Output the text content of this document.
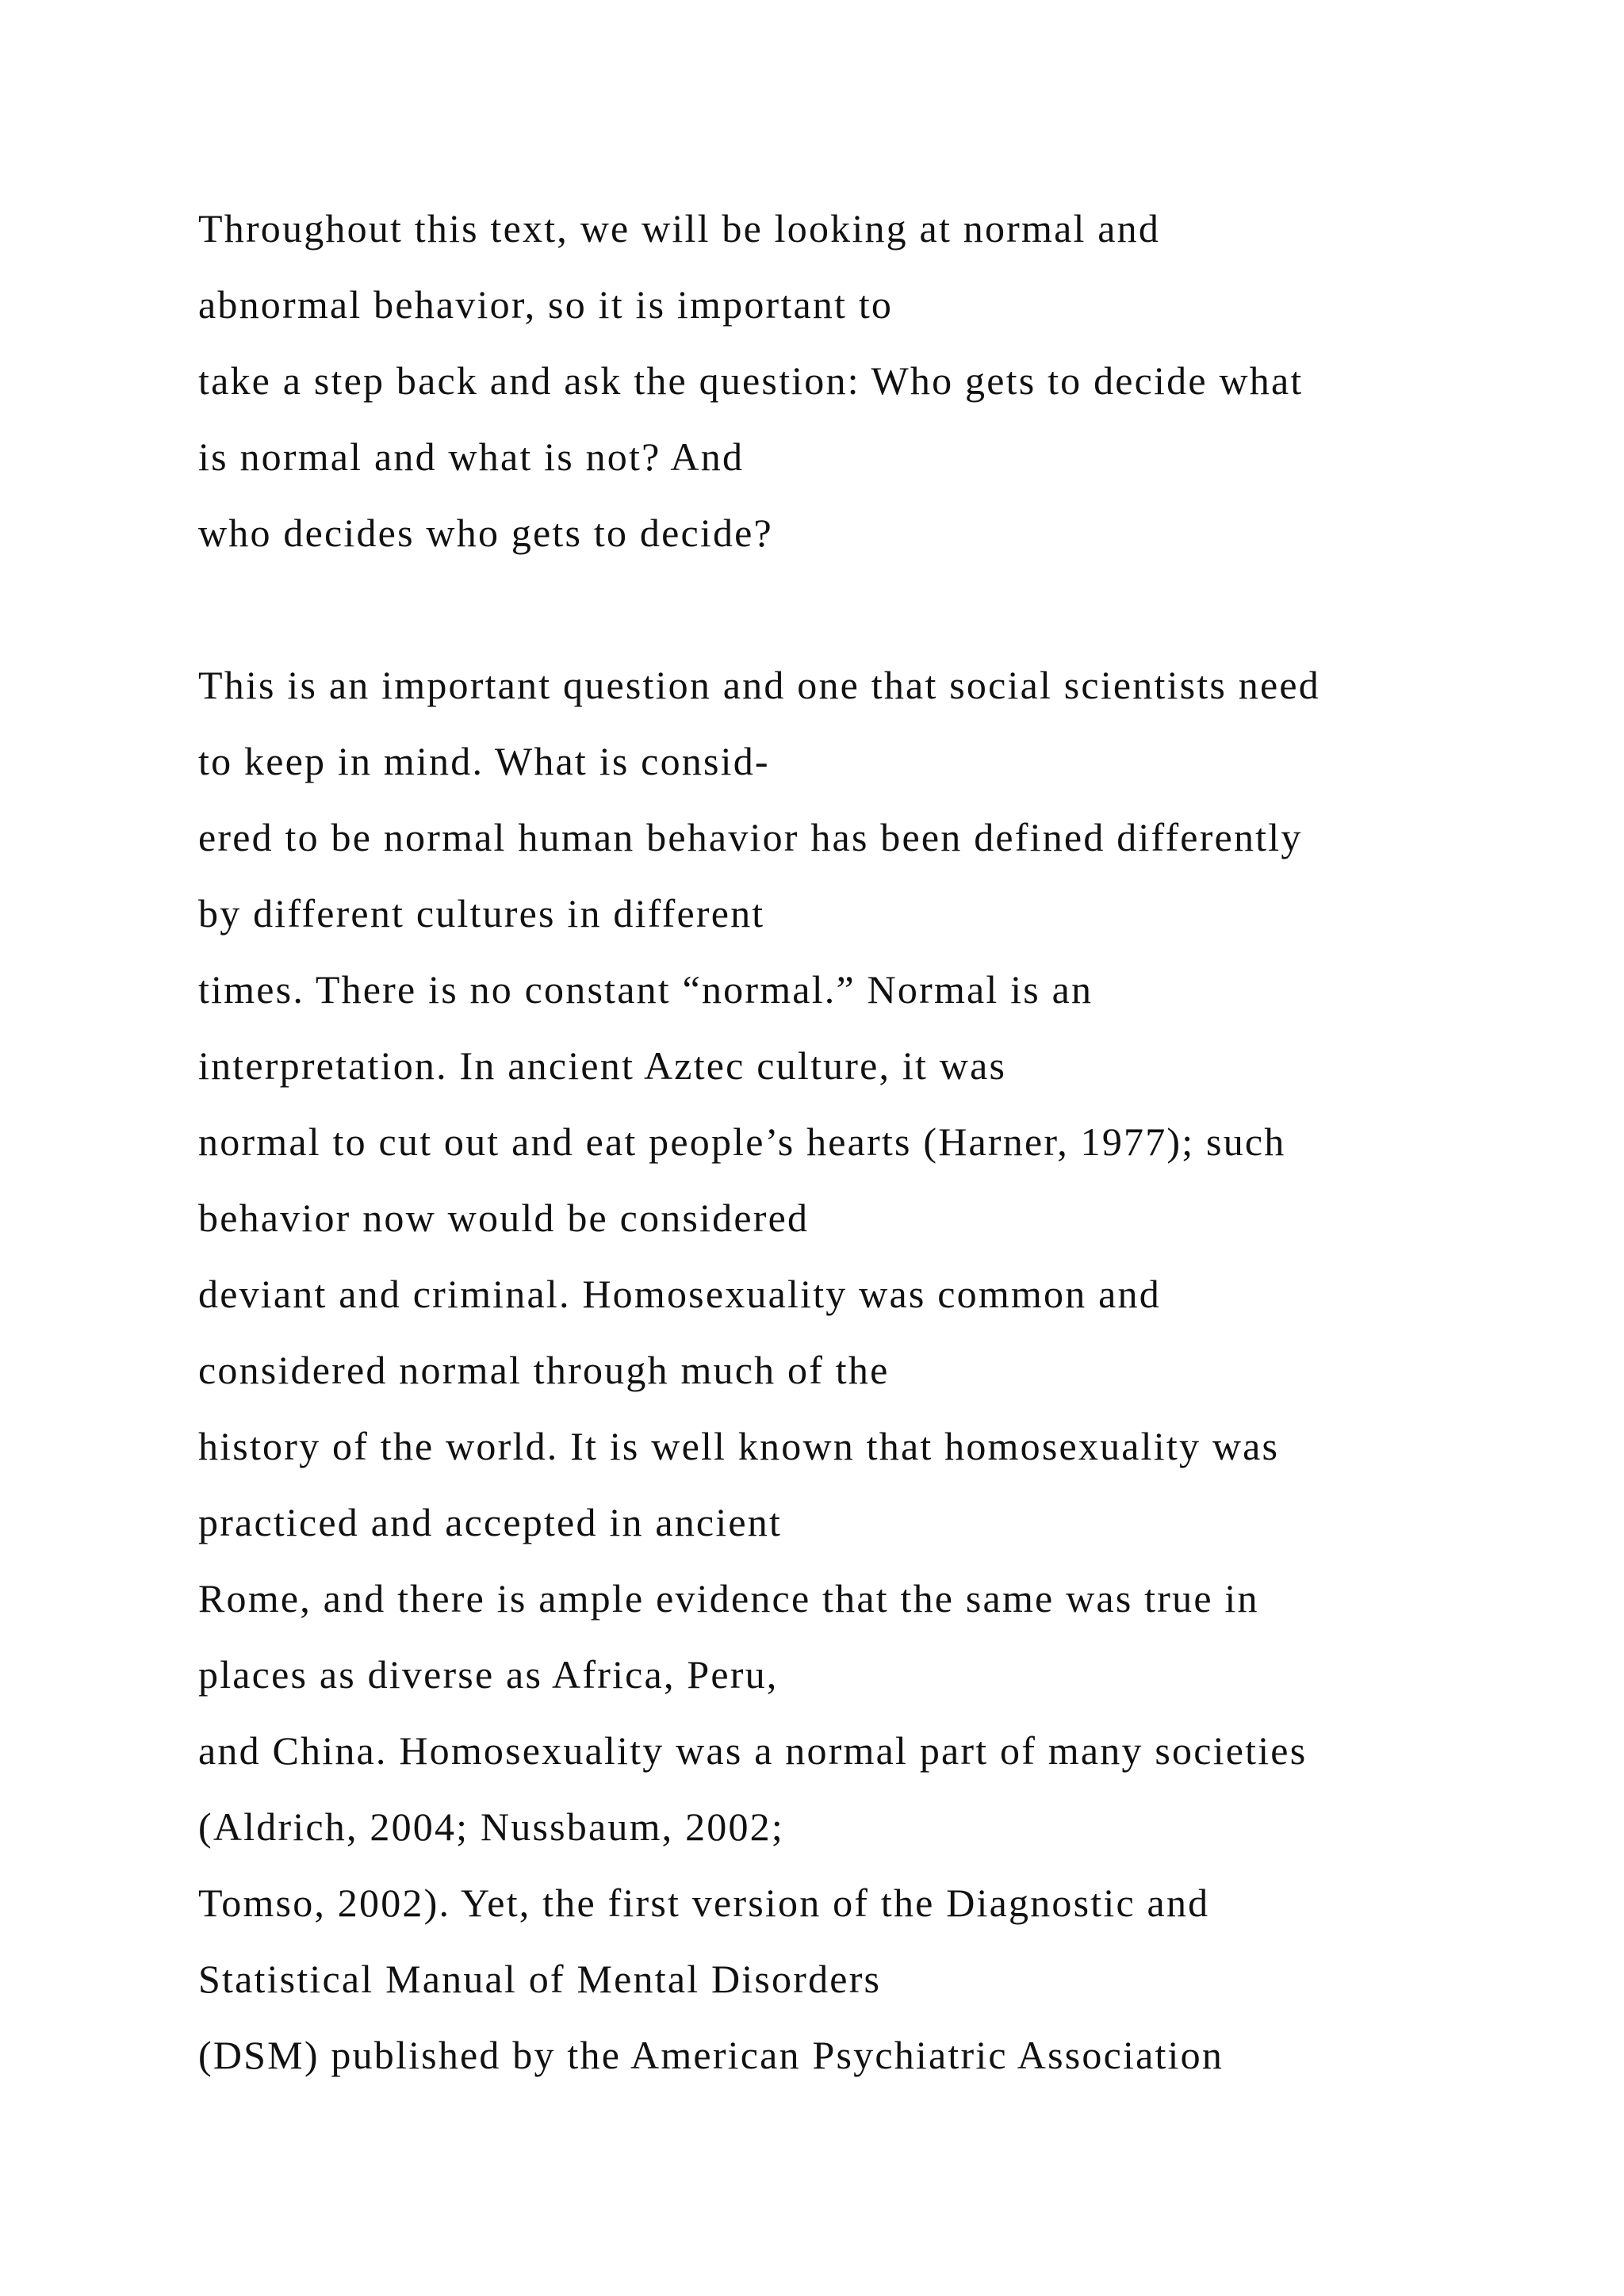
Throughout this text, we will be looking at normal and
abnormal behavior, so it is important to
take a step back and ask the question: Who gets to decide what
is normal and what is not? And
who decides who gets to decide?
This is an important question and one that social scientists need
to keep in mind. What is consid-
ered to be normal human behavior has been defined differently
by different cultures in different
times. There is no constant “normal.” Normal is an
interpretation. In ancient Aztec culture, it was
normal to cut out and eat people’s hearts (Harner, 1977); such
behavior now would be considered
deviant and criminal. Homosexuality was common and
considered normal through much of the
history of the world. It is well known that homosexuality was
practiced and accepted in ancient
Rome, and there is ample evidence that the same was true in
places as diverse as Africa, Peru,
and China. Homosexuality was a normal part of many societies
(Aldrich, 2004; Nussbaum, 2002;
Tomso, 2002). Yet, the first version of the Diagnostic and
Statistical Manual of Mental Disorders
(DSM) published by the American Psychiatric Association
